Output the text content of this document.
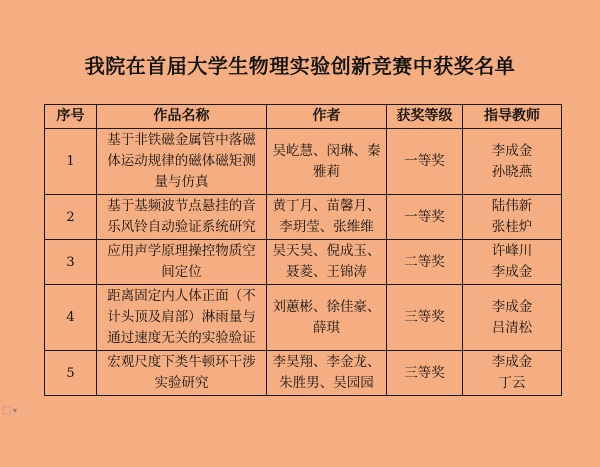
我院在首届大学生物理实验创新竞赛中获奖名单
序号	作品名称	作者	获奖等级	指导教师
1	基于非铁磁金属管中落磁
体运动规律的磁体磁矩测
量与仿真	吴屹慧、闵琳、秦
雅莉	一等奖	李成金
孙晓燕

2	基于基频波节点悬挂的音
乐风铃自动验证系统研究	黄丁月、苗馨月、
李玥莹、张维维	一等奖	陆伟新
张桂炉

3	应用声学原理操控物质空
间定位	吴天昊、倪成玉、
聂菱、王锦涛	二等奖	许峰川
李成金

4	距离固定内人体正面（不
计头顶及肩部）淋雨量与
通过速度无关的实验验证	刘蕙彬、徐佳豪、
薛琪	三等奖	李成金
吕清松

5	宏观尺度下类牛顿环干涉
实验研究	李昊翔、李金龙、
朱胜男、吴园园	三等奖	李成金
丁云
⬚ ▾
